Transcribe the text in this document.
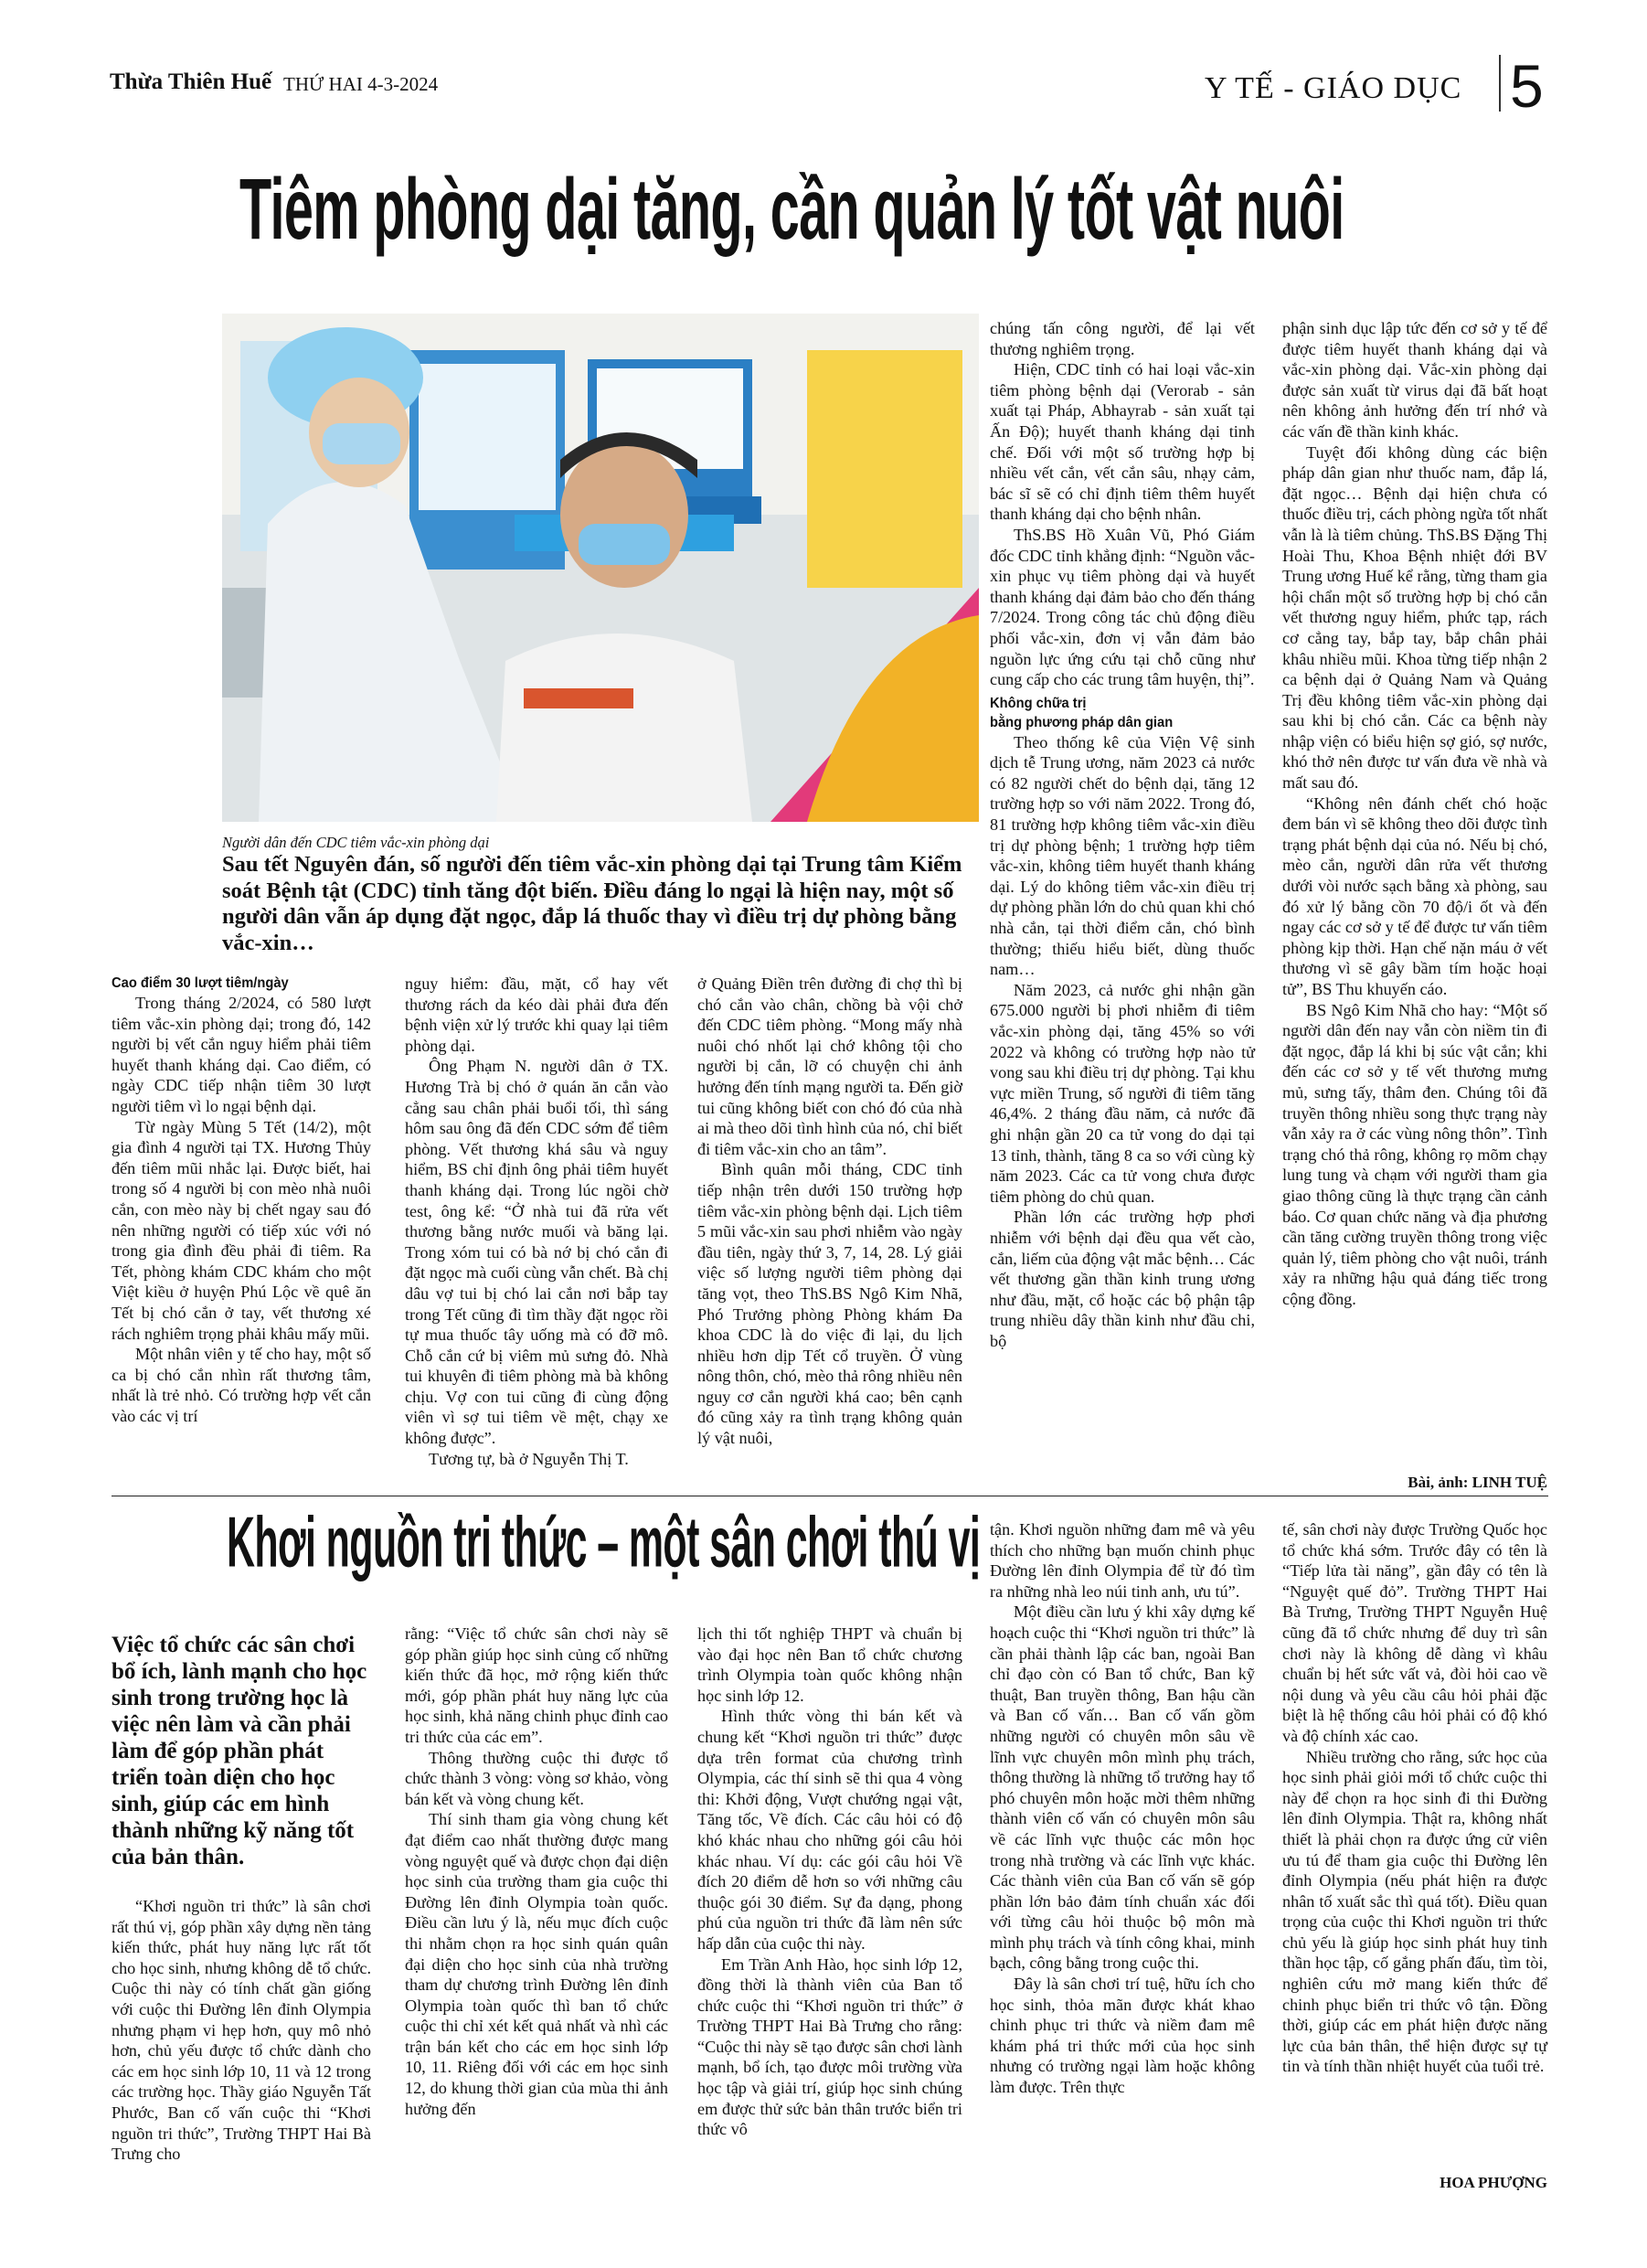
Thừa Thiên Huế THỨ HAI 4-3-2024	Y TẾ - GIÁO DỤC 5
Tiêm phòng dại tăng, cần quản lý tốt vật nuôi
Người dân đến CDC tiêm vắc-xin phòng dại
Sau tết Nguyên đán, số người đến tiêm vắc-xin phòng dại tại Trung tâm Kiểm soát Bệnh tật (CDC) tỉnh tăng đột biến. Điều đáng lo ngại là hiện nay, một số người dân vẫn áp dụng đặt ngọc, đắp lá thuốc thay vì điều trị dự phòng bằng vắc-xin…
Cao điểm 30 lượt tiêm/ngày

Trong tháng 2/2024, có 580 lượt tiêm vắc-xin phòng dại; trong đó, 142 người bị vết cắn nguy hiểm phải tiêm huyết thanh kháng dại. Cao điểm, có ngày CDC tiếp nhận tiêm 30 lượt người tiêm vì lo ngại bệnh dại.

Từ ngày Mùng 5 Tết (14/2), một gia đình 4 người tại TX. Hương Thủy đến tiêm mũi nhắc lại. Được biết, hai trong số 4 người bị con mèo nhà nuôi cắn, con mèo này bị chết ngay sau đó nên những người có tiếp xúc với nó trong gia đình đều phải đi tiêm. Ra Tết, phòng khám CDC khám cho một Việt kiều ở huyện Phú Lộc về quê ăn Tết bị chó cắn ở tay, vết thương xé rách nghiêm trọng phải khâu mấy mũi.

Một nhân viên y tế cho hay, một số ca bị chó cắn nhìn rất thương tâm, nhất là trẻ nhỏ. Có trường hợp vết cắn vào các vị trí

nguy hiểm: đầu, mặt, cổ hay vết thương rách da kéo dài phải đưa đến bệnh viện xử lý trước khi quay lại tiêm phòng dại.

Ông Phạm N. người dân ở TX. Hương Trà bị chó ở quán ăn cắn vào cẳng sau chân phải buổi tối, thì sáng hôm sau ông đã đến CDC sớm để tiêm phòng. Vết thương khá sâu và nguy hiểm, BS chỉ định ông phải tiêm huyết thanh kháng dại. Trong lúc ngồi chờ test, ông kể: “Ở nhà tui đã rửa vết thương bằng nước muối và băng lại. Trong xóm tui có bà nớ bị chó cắn đi đặt ngọc mà cuối cùng vẫn chết. Bà chị dâu vợ tui bị chó lai cắn nơi bắp tay trong Tết cũng đi tìm thầy đặt ngọc rồi tự mua thuốc tây uống mà có đỡ mô. Chỗ cắn cứ bị viêm mủ sưng đỏ. Nhà tui khuyên đi tiêm phòng mà bà không chịu. Vợ con tui cũng đi cùng động viên vì sợ tui tiêm về mệt, chạy xe không được”.

Tương tự, bà ở Nguyễn Thị T.

ở Quảng Điền trên đường đi chợ thì bị chó cắn vào chân, chồng bà vội chở đến CDC tiêm phòng. “Mong mấy nhà nuôi chó nhốt lại chớ không tội cho người bị cắn, lỡ có chuyện chi ảnh hưởng đến tính mạng người ta. Đến giờ tui cũng không biết con chó đó của nhà ai mà theo dõi tình hình của nó, chỉ biết đi tiêm vắc-xin cho an tâm”.

Bình quân mỗi tháng, CDC tỉnh tiếp nhận trên dưới 150 trường hợp tiêm vắc-xin phòng bệnh dại. Lịch tiêm 5 mũi vắc-xin sau phơi nhiễm vào ngày đầu tiên, ngày thứ 3, 7, 14, 28. Lý giải việc số lượng người tiêm phòng dại tăng vọt, theo ThS.BS Ngô Kim Nhã, Phó Trưởng phòng Phòng khám Đa khoa CDC là do việc đi lại, du lịch nhiều hơn dịp Tết cổ truyền. Ở vùng nông thôn, chó, mèo thả rông nhiều nên nguy cơ cắn người khá cao; bên cạnh đó cũng xảy ra tình trạng không quản lý vật nuôi,

chúng tấn công người, để lại vết thương nghiêm trọng.

Hiện, CDC tỉnh có hai loại vắc-xin tiêm phòng bệnh dại (Verorab - sản xuất tại Pháp, Abhayrab - sản xuất tại Ấn Độ); huyết thanh kháng dại tinh chế. Đối với một số trường hợp bị nhiều vết cắn, vết cắn sâu, nhạy cảm, bác sĩ sẽ có chỉ định tiêm thêm huyết thanh kháng dại cho bệnh nhân.

ThS.BS Hồ Xuân Vũ, Phó Giám đốc CDC tỉnh khẳng định: “Nguồn vắc-xin phục vụ tiêm phòng dại và huyết thanh kháng dại đảm bảo cho đến tháng 7/2024. Trong công tác chủ động điều phối vắc-xin, đơn vị vẫn đảm bảo nguồn lực ứng cứu tại chỗ cũng như cung cấp cho các trung tâm huyện, thị”.

Không chữa trị
bằng phương pháp dân gian

Theo thống kê của Viện Vệ sinh dịch tễ Trung ương, năm 2023 cả nước có 82 người chết do bệnh dại, tăng 12 trường hợp so với năm 2022. Trong đó, 81 trường hợp không tiêm vắc-xin điều trị dự phòng bệnh; 1 trường hợp tiêm vắc-xin, không tiêm huyết thanh kháng dại. Lý do không tiêm vắc-xin điều trị dự phòng phần lớn do chủ quan khi chó nhà cắn, tại thời điểm cắn, chó bình thường; thiếu hiểu biết, dùng thuốc nam…

Năm 2023, cả nước ghi nhận gần 675.000 người bị phơi nhiễm đi tiêm vắc-xin phòng dại, tăng 45% so với 2022 và không có trường hợp nào tử vong sau khi điều trị dự phòng. Tại khu vực miền Trung, số người đi tiêm tăng 46,4%. 2 tháng đầu năm, cả nước đã ghi nhận gần 20 ca tử vong do dại tại 13 tỉnh, thành, tăng 8 ca so với cùng kỳ năm 2023. Các ca tử vong chưa được tiêm phòng do chủ quan.

Phần lớn các trường hợp phơi nhiễm với bệnh dại đều qua vết cào, cắn, liếm của động vật mắc bệnh… Các vết thương gần thần kinh trung ương như đầu, mặt, cổ hoặc các bộ phận tập trung nhiều dây thần kinh như đầu chi, bộ

phận sinh dục lập tức đến cơ sở y tế để được tiêm huyết thanh kháng dại và vắc-xin phòng dại. Vắc-xin phòng dại được sản xuất từ virus dại đã bất hoạt nên không ảnh hưởng đến trí nhớ và các vấn đề thần kinh khác.

Tuyệt đối không dùng các biện pháp dân gian như thuốc nam, đắp lá, đặt ngọc… Bệnh dại hiện chưa có thuốc điều trị, cách phòng ngừa tốt nhất vẫn là là tiêm chủng. ThS.BS Đặng Thị Hoài Thu, Khoa Bệnh nhiệt đới BV Trung ương Huế kể rằng, từng tham gia hội chẩn một số trường hợp bị chó cắn vết thương nguy hiểm, phức tạp, rách cơ cẳng tay, bắp tay, bắp chân phải khâu nhiều mũi. Khoa từng tiếp nhận 2 ca bệnh dại ở Quảng Nam và Quảng Trị đều không tiêm vắc-xin phòng dại sau khi bị chó cắn. Các ca bệnh này nhập viện có biểu hiện sợ gió, sợ nước, khó thở nên được tư vấn đưa về nhà và mất sau đó.

“Không nên đánh chết chó hoặc đem bán vì sẽ không theo dõi được tình trạng phát bệnh dại của nó. Nếu bị chó, mèo cắn, người dân rửa vết thương dưới vòi nước sạch bằng xà phòng, sau đó xử lý bằng cồn 70 độ/i ốt và đến ngay các cơ sở y tế để được tư vấn tiêm phòng kịp thời. Hạn chế nặn máu ở vết thương vì sẽ gây bầm tím hoặc hoại tử”, BS Thu khuyến cáo.

BS Ngô Kim Nhã cho hay: “Một số người dân đến nay vẫn còn niềm tin đi đặt ngọc, đắp lá khi bị súc vật cắn; khi đến các cơ sở y tế vết thương mưng mủ, sưng tấy, thâm đen. Chúng tôi đã truyền thông nhiều song thực trạng này vẫn xảy ra ở các vùng nông thôn”. Tình trạng chó thả rông, không rọ mõm chạy lung tung và chạm với người tham gia giao thông cũng là thực trạng cần cảnh báo. Cơ quan chức năng và địa phương cần tăng cường truyền thông trong việc quản lý, tiêm phòng cho vật nuôi, tránh xảy ra những hậu quả đáng tiếc trong cộng đồng.

Bài, ảnh: LINH TUỆ
Khơi nguồn tri thức – một sân chơi thú vị
Việc tổ chức các sân chơi bổ ích, lành mạnh cho học sinh trong trường học là việc nên làm và cần phải làm để góp phần phát triển toàn diện cho học sinh, giúp các em hình thành những kỹ năng tốt của bản thân.

“Khơi nguồn tri thức” là sân chơi rất thú vị, góp phần xây dựng nền tảng kiến thức, phát huy năng lực rất tốt cho học sinh, nhưng không dễ tổ chức. Cuộc thi này có tính chất gần giống với cuộc thi Đường lên đỉnh Olympia nhưng phạm vi hẹp hơn, quy mô nhỏ hơn, chủ yếu được tổ chức dành cho các em học sinh lớp 10, 11 và 12 trong các trường học. Thầy giáo Nguyễn Tất Phước, Ban cố vấn cuộc thi “Khơi nguồn tri thức”, Trường THPT Hai Bà Trưng cho

rằng: “Việc tổ chức sân chơi này sẽ góp phần giúp học sinh củng cố những kiến thức đã học, mở rộng kiến thức mới, góp phần phát huy năng lực của học sinh, khả năng chinh phục đỉnh cao tri thức của các em”.

Thông thường cuộc thi được tổ chức thành 3 vòng: vòng sơ khảo, vòng bán kết và vòng chung kết.

Thí sinh tham gia vòng chung kết đạt điểm cao nhất thường được mang vòng nguyệt quế và được chọn đại diện học sinh của trường tham gia cuộc thi Đường lên đỉnh Olympia toàn quốc. Điều cần lưu ý là, nếu mục đích cuộc thi nhằm chọn ra học sinh quán quân đại diện cho học sinh của nhà trường tham dự chương trình Đường lên đỉnh Olympia toàn quốc thì ban tổ chức cuộc thi chỉ xét kết quả nhất và nhì các trận bán kết cho các em học sinh lớp 10, 11. Riêng đối với các em học sinh 12, do khung thời gian của mùa thi ảnh hưởng đến

lịch thi tốt nghiệp THPT và chuẩn bị vào đại học nên Ban tổ chức chương trình Olympia toàn quốc không nhận học sinh lớp 12.

Hình thức vòng thi bán kết và chung kết “Khơi nguồn tri thức” được dựa trên format của chương trình Olympia, các thí sinh sẽ thi qua 4 vòng thi: Khởi động, Vượt chướng ngại vật, Tăng tốc, Về đích. Các câu hỏi có độ khó khác nhau cho những gói câu hỏi khác nhau. Ví dụ: các gói câu hỏi Về đích 20 điểm dễ hơn so với những câu thuộc gói 30 điểm. Sự đa dạng, phong phú của nguồn tri thức đã làm nên sức hấp dẫn của cuộc thi này.

Em Trần Anh Hào, học sinh lớp 12, đồng thời là thành viên của Ban tổ chức cuộc thi “Khơi nguồn tri thức” ở Trường THPT Hai Bà Trưng cho rằng: “Cuộc thi này sẽ tạo được sân chơi lành mạnh, bổ ích, tạo được môi trường vừa học tập và giải trí, giúp học sinh chúng em được thử sức bản thân trước biển tri thức vô

tận. Khơi nguồn những đam mê và yêu thích cho những bạn muốn chinh phục Đường lên đỉnh Olympia để từ đó tìm ra những nhà leo núi tinh anh, ưu tú”.

Một điều cần lưu ý khi xây dựng kế hoạch cuộc thi “Khơi nguồn tri thức” là cần phải thành lập các ban, ngoài Ban chỉ đạo còn có Ban tổ chức, Ban kỹ thuật, Ban truyền thông, Ban hậu cần và Ban cố vấn… Ban cố vấn gồm những người có chuyên môn sâu về lĩnh vực chuyên môn mình phụ trách, thông thường là những tổ trưởng hay tổ phó chuyên môn hoặc mời thêm những thành viên cố vấn có chuyên môn sâu về các lĩnh vực thuộc các môn học trong nhà trường và các lĩnh vực khác. Các thành viên của Ban cố vấn sẽ góp phần lớn bảo đảm tính chuẩn xác đối với từng câu hỏi thuộc bộ môn mà mình phụ trách và tính công khai, minh bạch, công bằng trong cuộc thi.

Đây là sân chơi trí tuệ, hữu ích cho học sinh, thỏa mãn được khát khao chinh phục tri thức và niềm đam mê khám phá tri thức mới của học sinh nhưng có trường ngại làm hoặc không làm được. Trên thực

tế, sân chơi này được Trường Quốc học tổ chức khá sớm. Trước đây có tên là “Tiếp lửa tài năng”, gần đây có tên là “Nguyệt quế đỏ”. Trường THPT Hai Bà Trưng, Trường THPT Nguyễn Huệ cũng đã tổ chức nhưng để duy trì sân chơi này là không dễ dàng vì khâu chuẩn bị hết sức vất vả, đòi hỏi cao về nội dung và yêu cầu câu hỏi phải đặc biệt là hệ thống câu hỏi phải có độ khó và độ chính xác cao.

Nhiều trường cho rằng, sức học của học sinh phải giỏi mới tổ chức cuộc thi này để chọn ra học sinh đi thi Đường lên đỉnh Olympia. Thật ra, không nhất thiết là phải chọn ra được ứng cử viên ưu tú để tham gia cuộc thi Đường lên đỉnh Olympia (nếu phát hiện ra được nhân tố xuất sắc thì quá tốt). Điều quan trọng của cuộc thi Khơi nguồn tri thức chủ yếu là giúp học sinh phát huy tinh thần học tập, cố gắng phấn đấu, tìm tòi, nghiên cứu mở mang kiến thức để chinh phục biển tri thức vô tận. Đồng thời, giúp các em phát hiện được năng lực của bản thân, thể hiện được sự tự tin và tính thần nhiệt huyết của tuổi trẻ.

HOA PHƯỢNG
